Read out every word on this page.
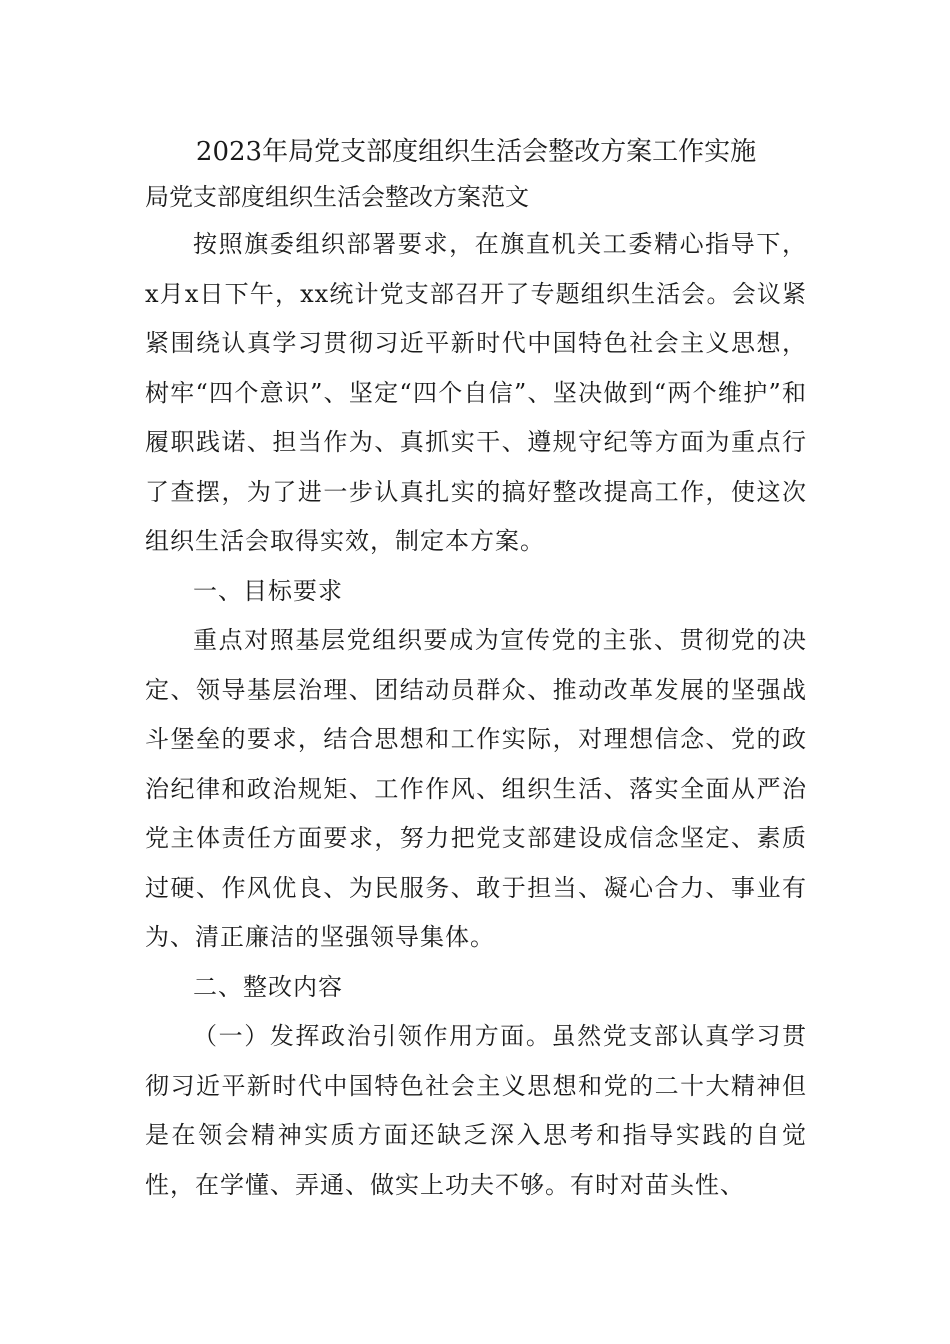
2023年局党支部度组织生活会整改方案工作实施
局党支部度组织生活会整改方案范文

按照旗委组织部署要求，在旗直机关工委精心指导下，x月x日下午，xx统计党支部召开了专题组织生活会。会议紧紧围绕认真学习贯彻习近平新时代中国特色社会主义思想，树牢“四个意识”、坚定“四个自信”、坚决做到“两个维护”和履职践诺、担当作为、真抓实干、遵规守纪等方面为重点行了查摆，为了进一步认真扎实的搞好整改提高工作，使这次组织生活会取得实效，制定本方案。

一、目标要求

重点对照基层党组织要成为宣传党的主张、贯彻党的决定、领导基层治理、团结动员群众、推动改革发展的坚强战斗堡垒的要求，结合思想和工作实际，对理想信念、党的政治纪律和政治规矩、工作作风、组织生活、落实全面从严治党主体责任方面要求，努力把党支部建设成信念坚定、素质过硬、作风优良、为民服务、敢于担当、凝心合力、事业有为、清正廉洁的坚强领导集体。

二、整改内容

（一）发挥政治引领作用方面。虽然党支部认真学习贯彻习近平新时代中国特色社会主义思想和党的二十大精神但是在领会精神实质方面还缺乏深入思考和指导实践的自觉性，在学懂、弄通、做实上功夫不够。有时对苗头性、
